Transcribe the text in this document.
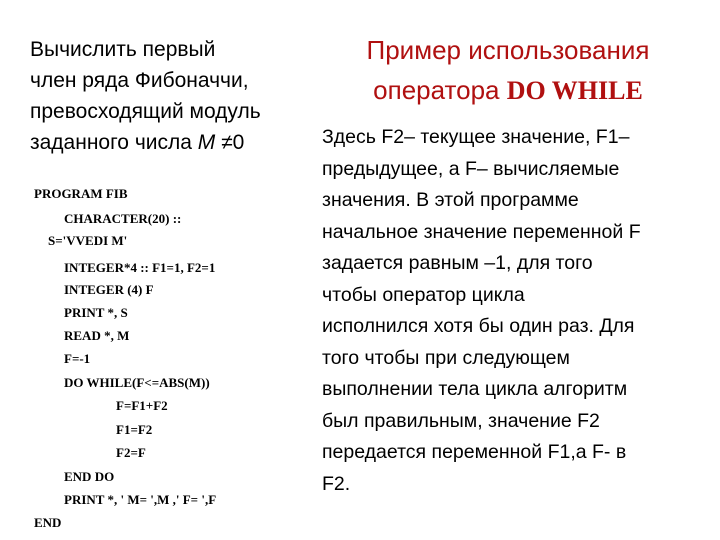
Вычислить первый
член ряда Фибоначчи,
превосходящий модуль
заданного числа M ≠0
PROGRAM FIB
CHARACTER(20) ::
S='VVEDI M'
INTEGER*4 :: F1=1, F2=1
INTEGER (4) F
PRINT *, S
READ *, M
F=-1
DO WHILE(F<=ABS(M))
F=F1+F2
F1=F2
F2=F
END DO
PRINT *, ' M= ',M ,' F= ',F
END
Пример использования
оператора DO WHILE
Здесь F2– текущее значение, F1–
предыдущее, а F– вычисляемые
значения. В этой программе
начальное значение переменной F
задается равным –1, для того
чтобы оператор цикла
исполнился хотя бы один раз. Для
того чтобы при следующем
выполнении тела цикла алгоритм
был правильным, значение F2
передается переменной F1,а F- в
F2.
